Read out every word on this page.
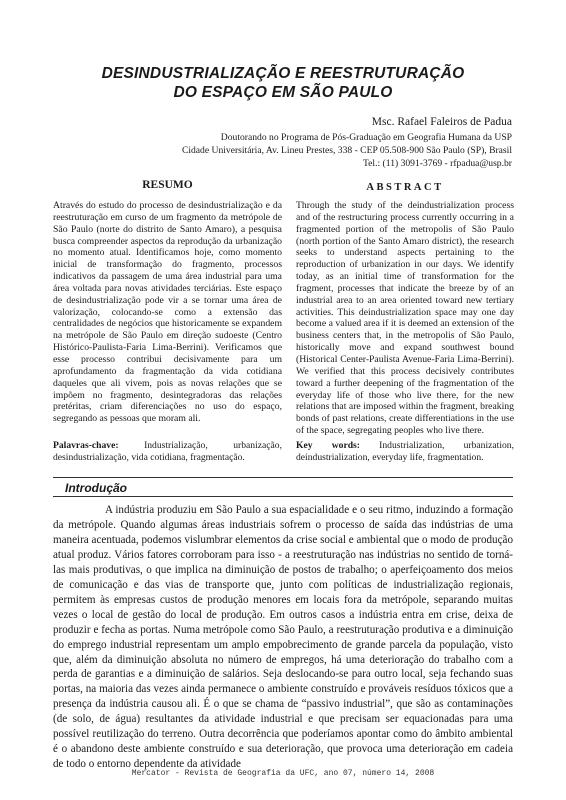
DESINDUSTRIALIZAÇÃO E REESTRUTURAÇÃO
DO ESPAÇO EM SÃO PAULO
Msc. Rafael Faleiros de Padua
Doutorando no Programa de Pós-Graduação em Geografia Humana da USP
Cidade Universitária, Av. Lineu Prestes, 338 - CEP 05.508-900 São Paulo (SP), Brasil
Tel.: (11) 3091-3769 - rfpadua@usp.br
RESUMO	ABSTRACT
Através do estudo do processo de desindustrialização e da reestruturação em curso de um fragmento da metrópole de São Paulo (norte do distrito de Santo Amaro), a pesquisa busca compreender aspectos da reprodução da urbanização no momento atual. Identificamos hoje, como momento inicial de transformação do fragmento, processos indicativos da passagem de uma área industrial para uma área voltada para novas atividades terciárias. Este espaço de desindustrialização pode vir a se tornar uma área de valorização, colocando-se como a extensão das centralidades de negócios que historicamente se expandem na metrópole de São Paulo em direção sudoeste (Centro Histórico-Paulista-Faria Lima-Berrini). Verificamos que esse processo contribui decisivamente para um aprofundamento da fragmentação da vida cotidiana daqueles que ali vivem, pois as novas relações que se impõem no fragmento, desintegradoras das relações pretéritas, criam diferenciações no uso do espaço, segregando as pessoas que moram ali.
Through the study of the deindustrialization process and of the restructuring process currently occurring in a fragmented portion of the metropolis of São Paulo (north portion of the Santo Amaro district), the research seeks to understand aspects pertaining to the reproduction of urbanization in our days. We identify today, as an initial time of transformation for the fragment, processes that indicate the breeze by of an industrial area to an area oriented toward new tertiary activities. This deindustrialization space may one day become a valued area if it is deemed an extension of the business centers that, in the metropolis of São Paulo, historically move and expand southwest bound (Historical Center-Paulista Avenue-Faria Lima-Berrini). We verified that this process decisively contributes toward a further deepening of the fragmentation of the everyday life of those who live there, for the new relations that are imposed within the fragment, breaking bonds of past relations, create differentiations in the use of the space, segregating peoples who live there.
Palavras-chave:	Industrialização, urbanização, desindustrialização, vida cotidiana, fragmentação.
Key words: Industrialization, urbanization, deindustrialization, everyday life, fragmentation.
Introdução
A indústria produziu em São Paulo a sua espacialidade e o seu ritmo, induzindo a formação da metrópole. Quando algumas áreas industriais sofrem o processo de saída das indústrias de uma maneira acentuada, podemos vislumbrar elementos da crise social e ambiental que o modo de produção atual produz. Vários fatores corroboram para isso - a reestruturação nas indústrias no sentido de torná-las mais produtivas, o que implica na diminuição de postos de trabalho; o aperfeiçoamento dos meios de comunicação e das vias de transporte que, junto com políticas de industrialização regionais, permitem às empresas custos de produção menores em locais fora da metrópole, separando muitas vezes o local de gestão do local de produção. Em outros casos a indústria entra em crise, deixa de produzir e fecha as portas. Numa metrópole como São Paulo, a reestruturação produtiva e a diminuição do emprego industrial representam um amplo empobrecimento de grande parcela da população, visto que, além da diminuição absoluta no número de empregos, há uma deterioração do trabalho com a perda de garantias e a diminuição de salários. Seja deslocando-se para outro local, seja fechando suas portas, na maioria das vezes ainda permanece o ambiente construído e prováveis resíduos tóxicos que a presença da indústria causou ali. É o que se chama de “passivo industrial”, que são as contaminações (de solo, de água) resultantes da atividade industrial e que precisam ser equacionadas para uma possível reutilização do terreno. Outra decorrência que poderíamos apontar como do âmbito ambiental é o abandono deste ambiente construído e sua deterioração, que provoca uma deterioração em cadeia de todo o entorno dependente da atividade
Mercator - Revista de Geografia da UFC, ano 07, número 14, 2008
